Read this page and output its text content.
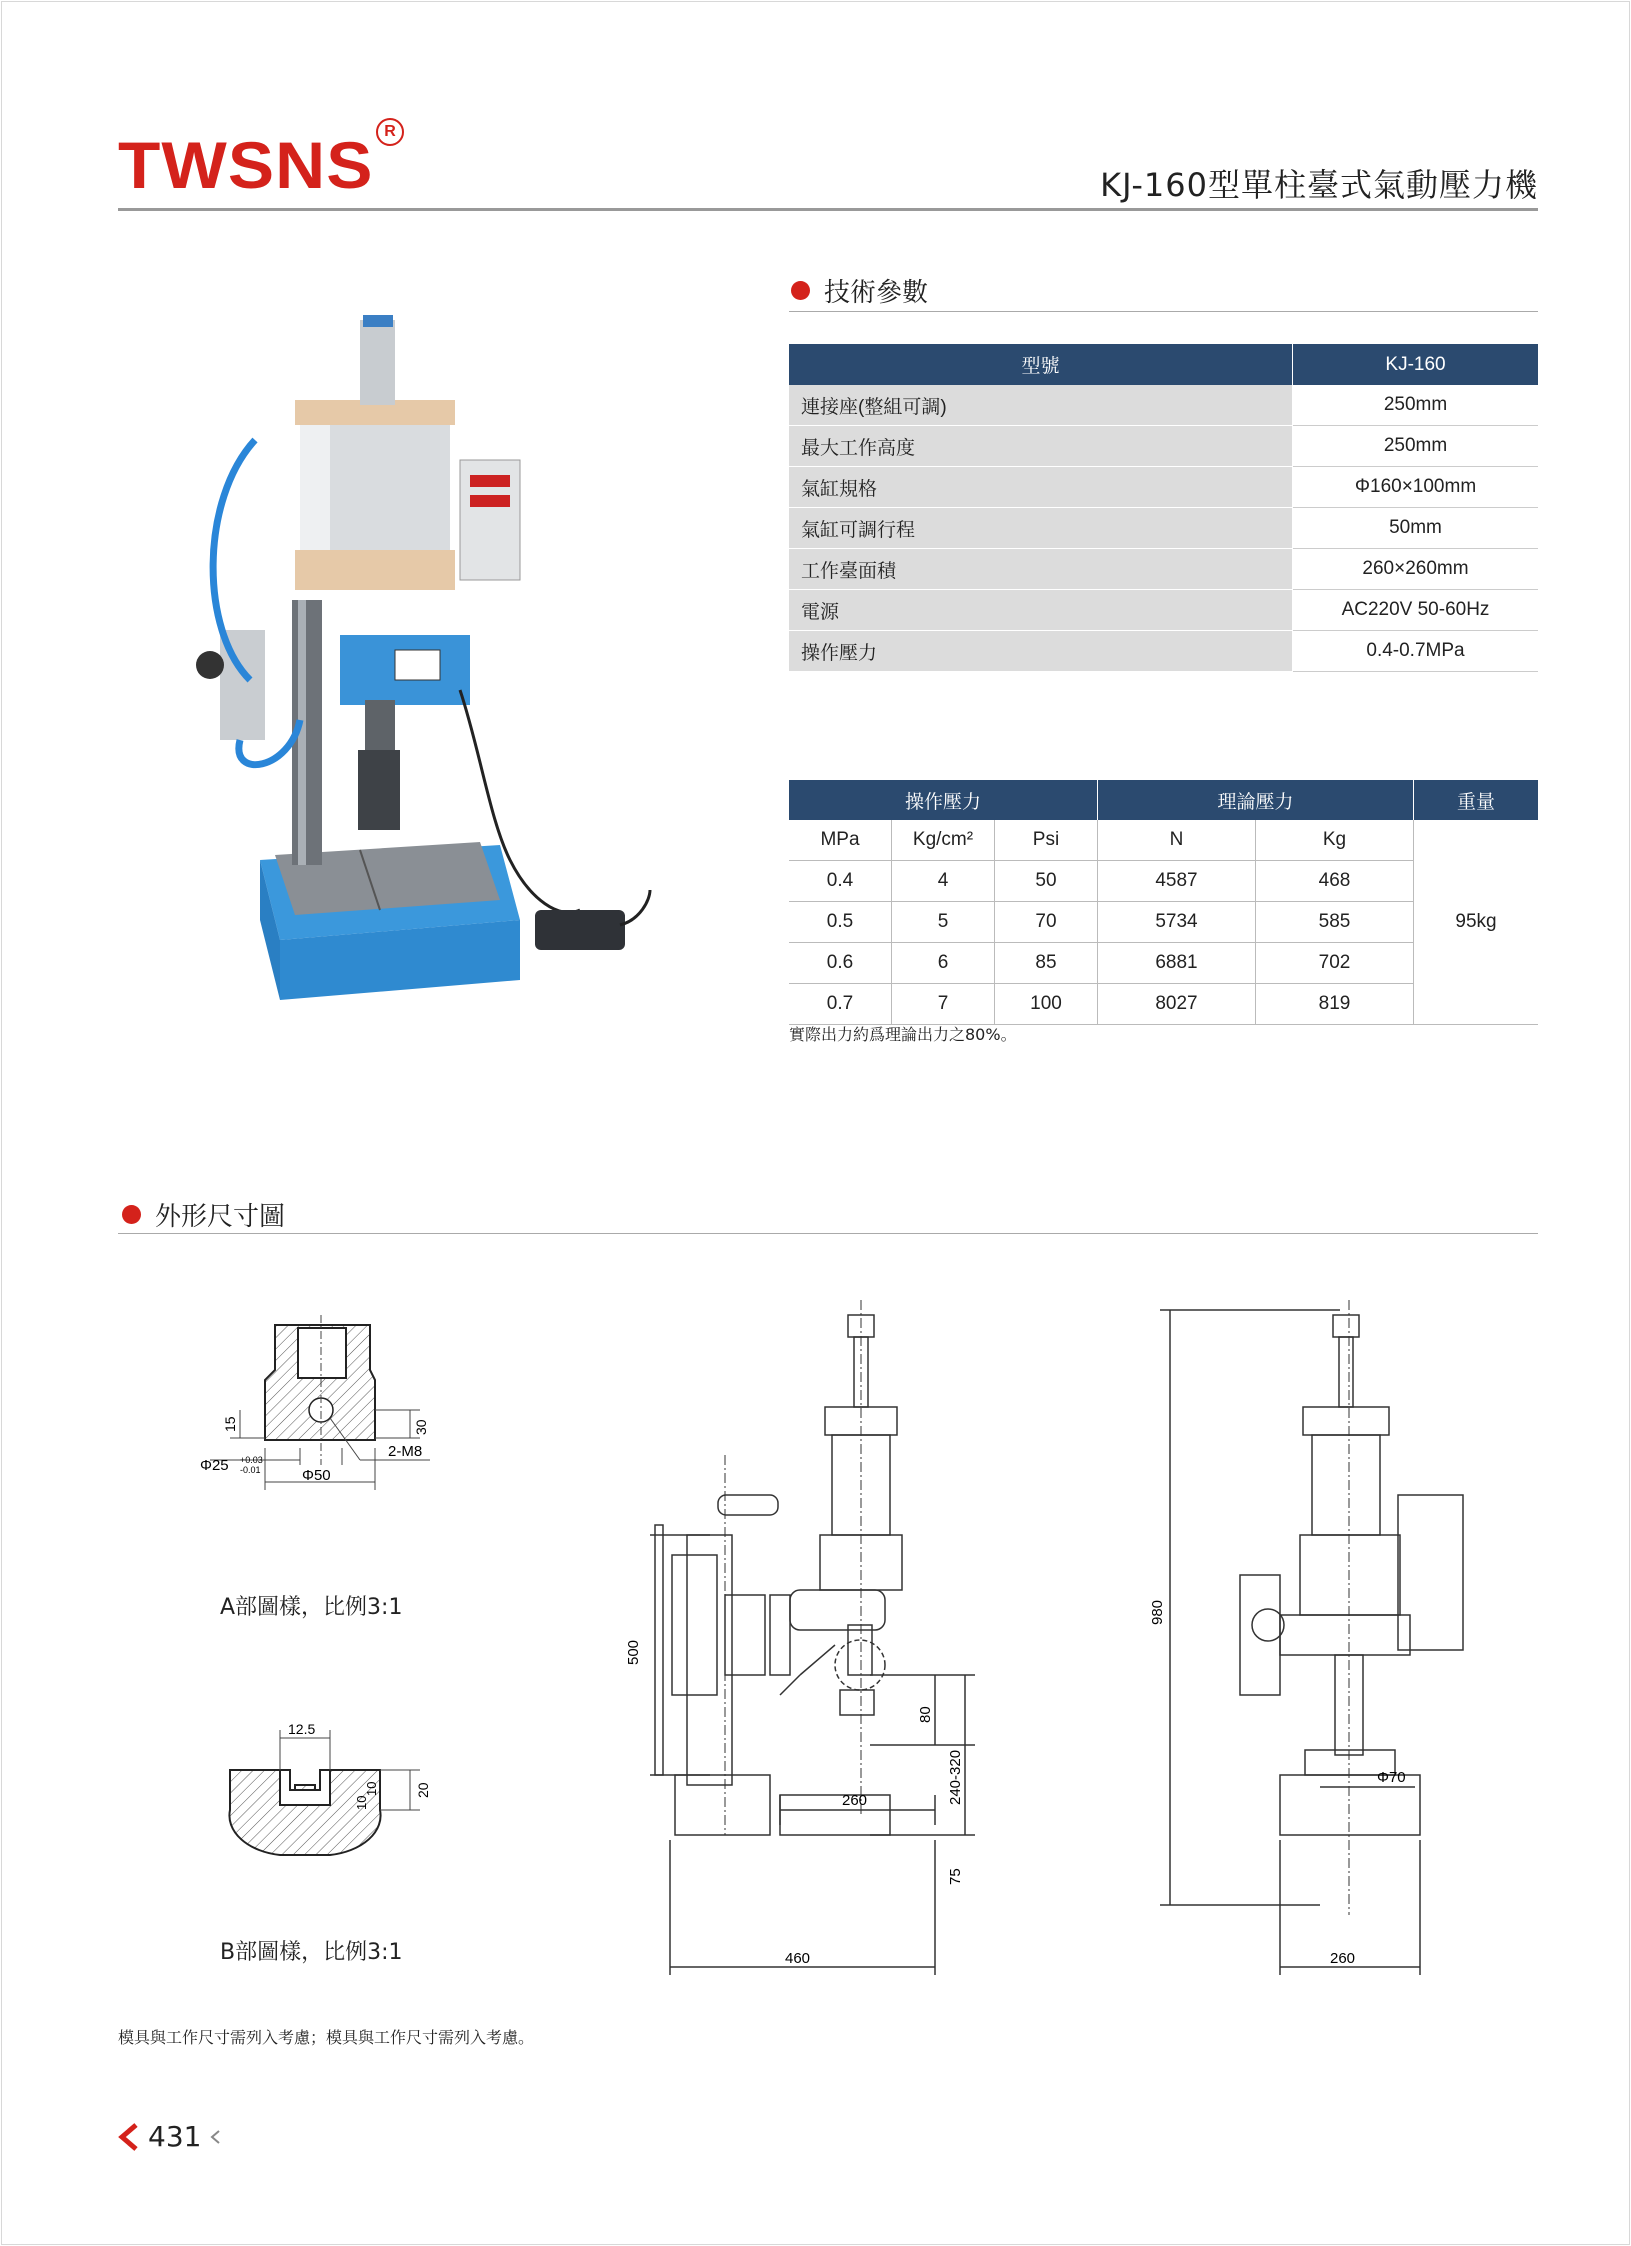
TWSNS R
KJ-160型單柱臺式氣動壓力機
技術參數
型號	KJ-160
連接座(整組可調)	250mm
最大工作高度	250mm
氣缸規格	Φ160×100mm
氣缸可調行程	50mm
工作臺面積	260×260mm
電源	AC220V 50-60Hz
操作壓力	0.4-0.7MPa
操作壓力			理論壓力		重量
MPa	Kg/cm²	Psi	N	Kg	95kg
0.4	4	50	4587	468	
0.5	5	70	5734	585	
0.6	6	85	6881	702	
0.7	7	100	8027	819	
實際出力約爲理論出力之80%。
外形尺寸圖
15	30
Φ25 +0.03
-0.01	Φ50
2-M8
A部圖樣，比例3:1
12.5
10
10
20
B部圖樣，比例3:1
500
80
240-320
260
75
460
980
Φ70
260
模具與工作尺寸需列入考慮；模具與工作尺寸需列入考慮。
431
